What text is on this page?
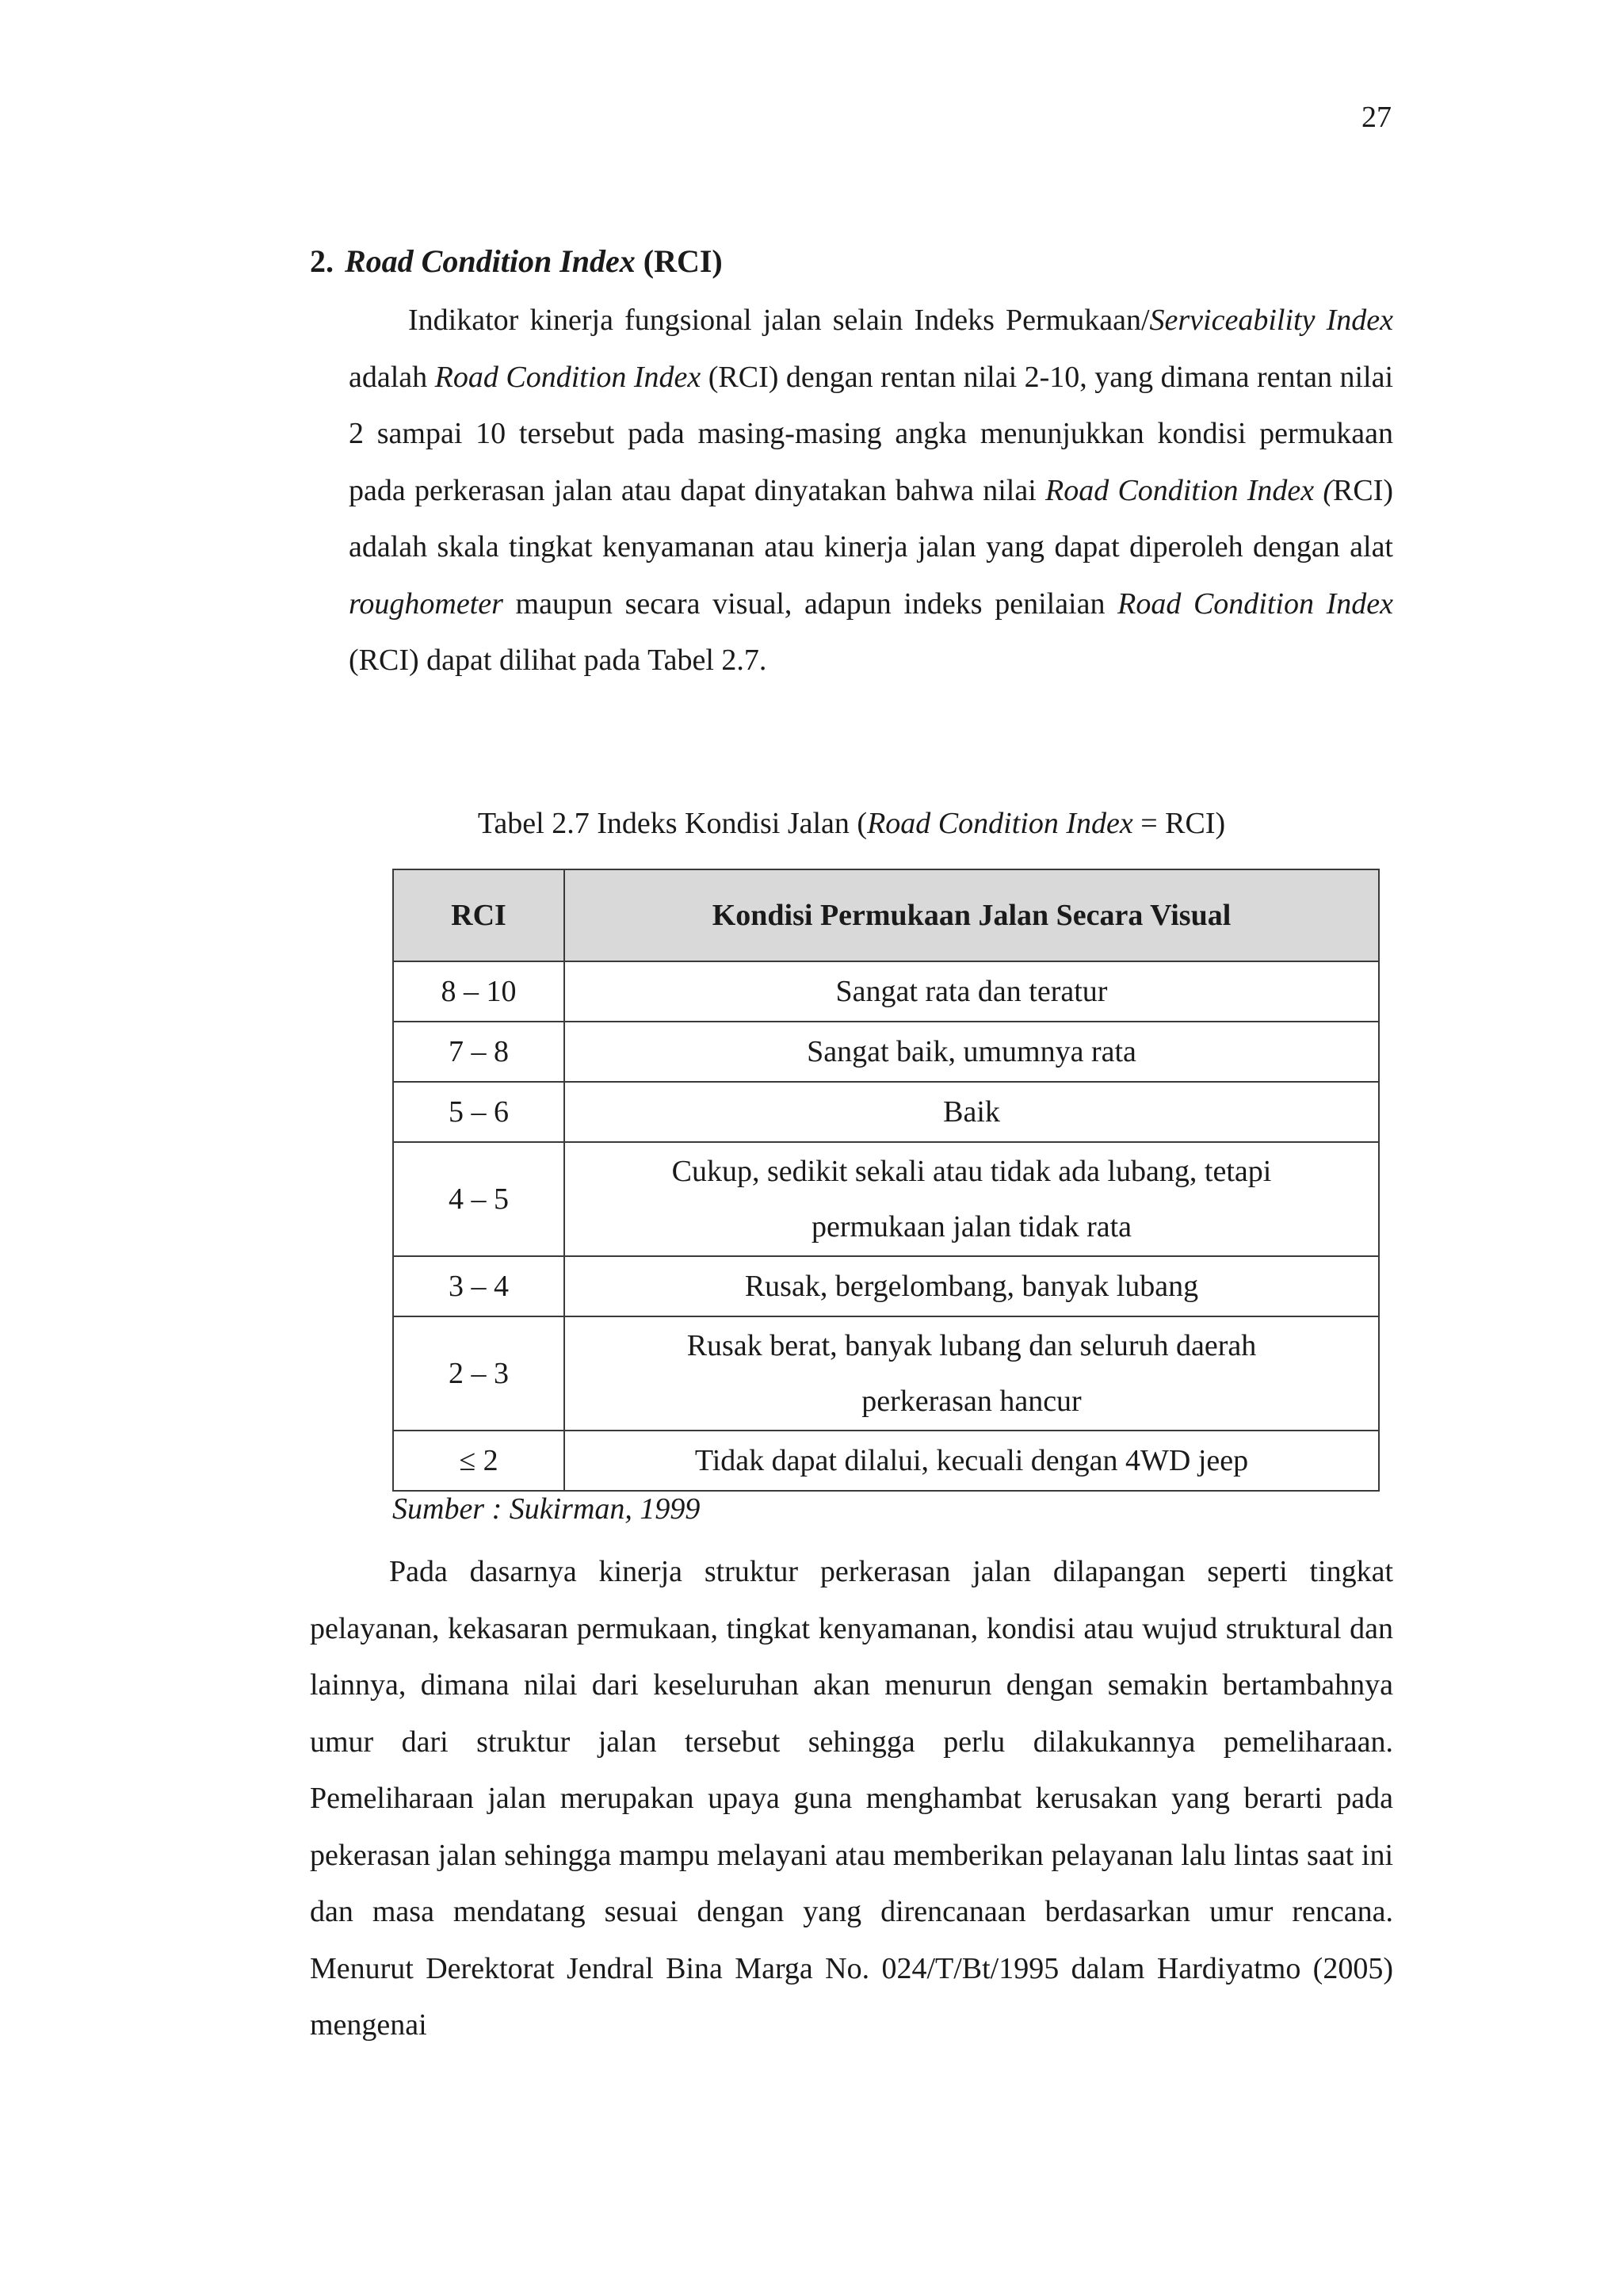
27
2. Road Condition Index (RCI)
Indikator kinerja fungsional jalan selain Indeks Permukaan/Serviceability Index adalah Road Condition Index (RCI) dengan rentan nilai 2-10, yang dimana rentan nilai 2 sampai 10 tersebut pada masing-masing angka menunjukkan kondisi permukaan pada perkerasan jalan atau dapat dinyatakan bahwa nilai Road Condition Index (RCI) adalah skala tingkat kenyamanan atau kinerja jalan yang dapat diperoleh dengan alat roughometer maupun secara visual, adapun indeks penilaian Road Condition Index (RCI) dapat dilihat pada Tabel 2.7.
Tabel 2.7 Indeks Kondisi Jalan (Road Condition Index = RCI)
RCI	Kondisi Permukaan Jalan Secara Visual
8 – 10	Sangat rata dan teratur
7 – 8	Sangat baik, umumnya rata
5 – 6	Baik
4 – 5	Cukup, sedikit sekali atau tidak ada lubang, tetapi
permukaan jalan tidak rata
3 – 4	Rusak, bergelombang, banyak lubang
2 – 3	Rusak berat, banyak lubang dan seluruh daerah
perkerasan hancur
≤ 2	Tidak dapat dilalui, kecuali dengan 4WD jeep
Sumber : Sukirman, 1999
Pada dasarnya kinerja struktur perkerasan jalan dilapangan seperti tingkat pelayanan, kekasaran permukaan, tingkat kenyamanan, kondisi atau wujud struktural dan lainnya, dimana nilai dari keseluruhan akan menurun dengan semakin bertambahnya umur dari struktur jalan tersebut sehingga perlu dilakukannya pemeliharaan. Pemeliharaan jalan merupakan upaya guna menghambat kerusakan yang berarti pada pekerasan jalan sehingga mampu melayani atau memberikan pelayanan lalu lintas saat ini dan masa mendatang sesuai dengan yang direncanaan berdasarkan umur rencana. Menurut Derektorat Jendral Bina Marga No. 024/T/Bt/1995 dalam Hardiyatmo (2005) mengenai
